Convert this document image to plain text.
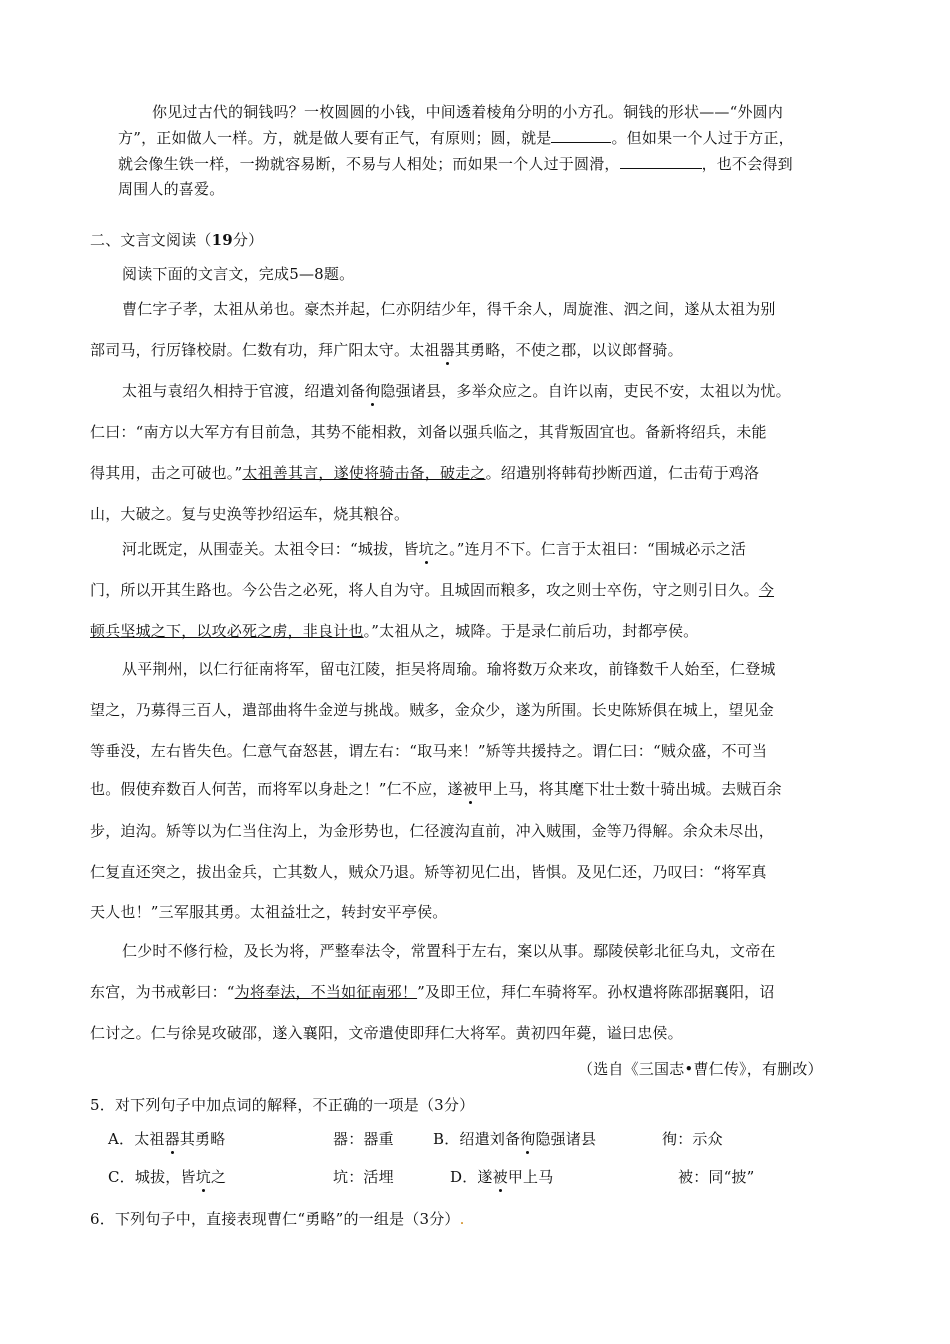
你见过古代的铜钱吗？一枚圆圆的小钱，中间透着棱角分明的小方孔。铜钱的形状——“外圆内
方”，正如做人一样。方，就是做人要有正气，有原则；圆，就是	。但如果一个人过于方正，
就会像生铁一样，一拗就容易断，不易与人相处；而如果一个人过于圆滑，	，也不会得到
周围人的喜爱。
二、文言文阅读（19分）
阅读下面的文言文，完成5—8题。
曹仁字子孝，太祖从弟也。豪杰并起，仁亦阴结少年，得千余人，周旋淮、泗之间，遂从太祖为别
部司马，行厉锋校尉。仁数有功，拜广阳太守。太祖器其勇略，不使之郡，以议郎督骑。
太祖与袁绍久相持于官渡，绍遣刘备徇隐强诸县，多举众应之。自许以南，吏民不安，太祖以为忧。
仁曰：“南方以大军方有目前急，其势不能相救，刘备以强兵临之，其背叛固宜也。备新将绍兵，未能
得其用，击之可破也。”太祖善其言，遂使将骑击备，破走之。绍遣别将韩荀抄断西道，仁击荀于鸡洛
山，大破之。复与史涣等抄绍运车，烧其粮谷。
河北既定，从围壶关。太祖令曰：“城拔，皆坑之。”连月不下。仁言于太祖曰：“围城必示之活
门，所以开其生路也。今公告之必死，将人自为守。且城固而粮多，攻之则士卒伤，守之则引日久。今
顿兵坚城之下，以攻必死之虏，非良计也。”太祖从之，城降。于是录仁前后功，封都亭侯。
从平荆州，以仁行征南将军，留屯江陵，拒吴将周瑜。瑜将数万众来攻，前锋数千人始至，仁登城
望之，乃募得三百人，遣部曲将牛金逆与挑战。贼多，金众少，遂为所围。长史陈矫俱在城上，望见金
等垂没，左右皆失色。仁意气奋怒甚，谓左右：“取马来！”矫等共援持之。谓仁曰：“贼众盛，不可当
也。假使弃数百人何苦，而将军以身赴之！”仁不应，遂被甲上马，将其麾下壮士数十骑出城。去贼百余
步，迫沟。矫等以为仁当住沟上，为金形势也，仁径渡沟直前，冲入贼围，金等乃得解。余众未尽出，
仁复直还突之，拔出金兵，亡其数人，贼众乃退。矫等初见仁出，皆惧。及见仁还，乃叹曰：“将军真
天人也！”三军服其勇。太祖益壮之，转封安平亭侯。
仁少时不修行检，及长为将，严整奉法令，常置科于左右，案以从事。鄢陵侯彰北征乌丸，文帝在
东宫，为书戒彰曰：“为将奉法，不当如征南邪！”及即王位，拜仁车骑将军。孙权遣将陈邵据襄阳，诏
仁讨之。仁与徐晃攻破邵，遂入襄阳，文帝遣使即拜仁大将军。黄初四年薨，谥曰忠侯。
（选自《三国志•曹仁传》，有删改）
5．对下列句子中加点词的解释，不正确的一项是（3分）
A．太祖器其勇略	器：器重	B．绍遣刘备徇隐强诸县	徇：示众
C．城拔，皆坑之	坑：活埋	D．遂被甲上马	被：同“披”
6．下列句子中，直接表现曹仁“勇略”的一组是（3分）.
